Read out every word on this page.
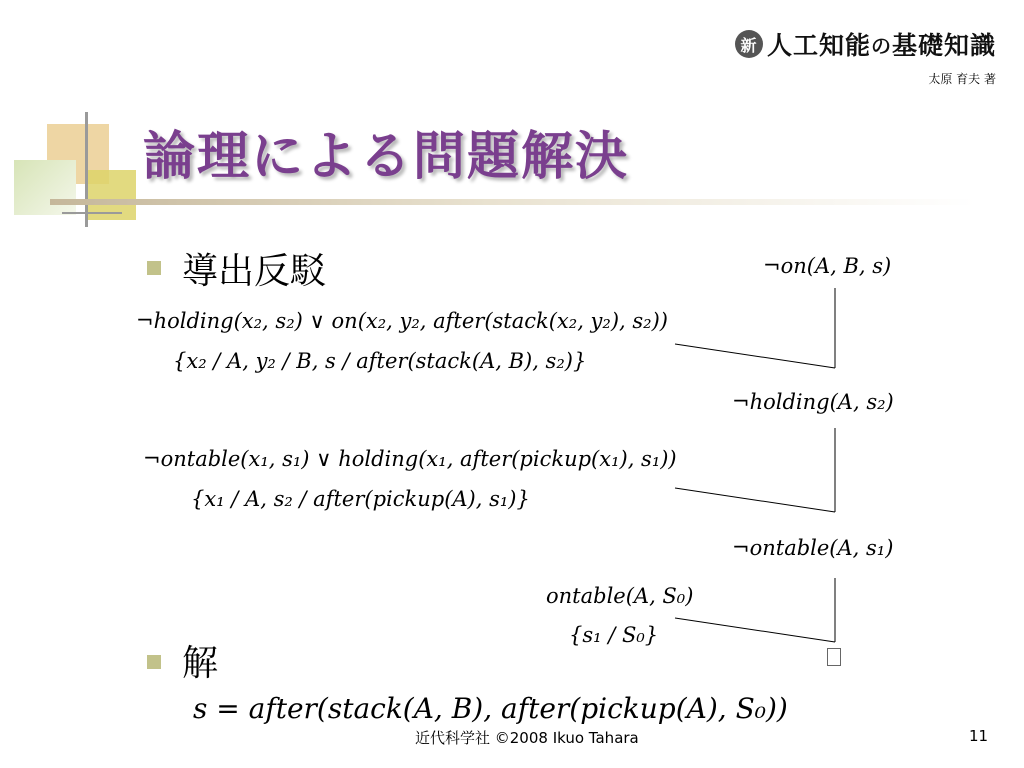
新 人工知能 の 基礎知識
太原 育夫 著
論理による問題解決
導出反駁
解
¬on(A, B, s)
¬holding(x₂, s₂) ∨ on(x₂, y₂, after(stack(x₂, y₂), s₂))
{x₂ / A, y₂ / B, s / after(stack(A, B), s₂)}
¬holding(A, s₂)
¬ontable(x₁, s₁) ∨ holding(x₁, after(pickup(x₁), s₁))
{x₁ / A, s₂ / after(pickup(A), s₁)}
¬ontable(A, s₁)
ontable(A, S₀)
{s₁ / S₀}
s = after(stack(A, B), after(pickup(A), S₀))
近代科学社 ©2008 Ikuo Tahara	11
